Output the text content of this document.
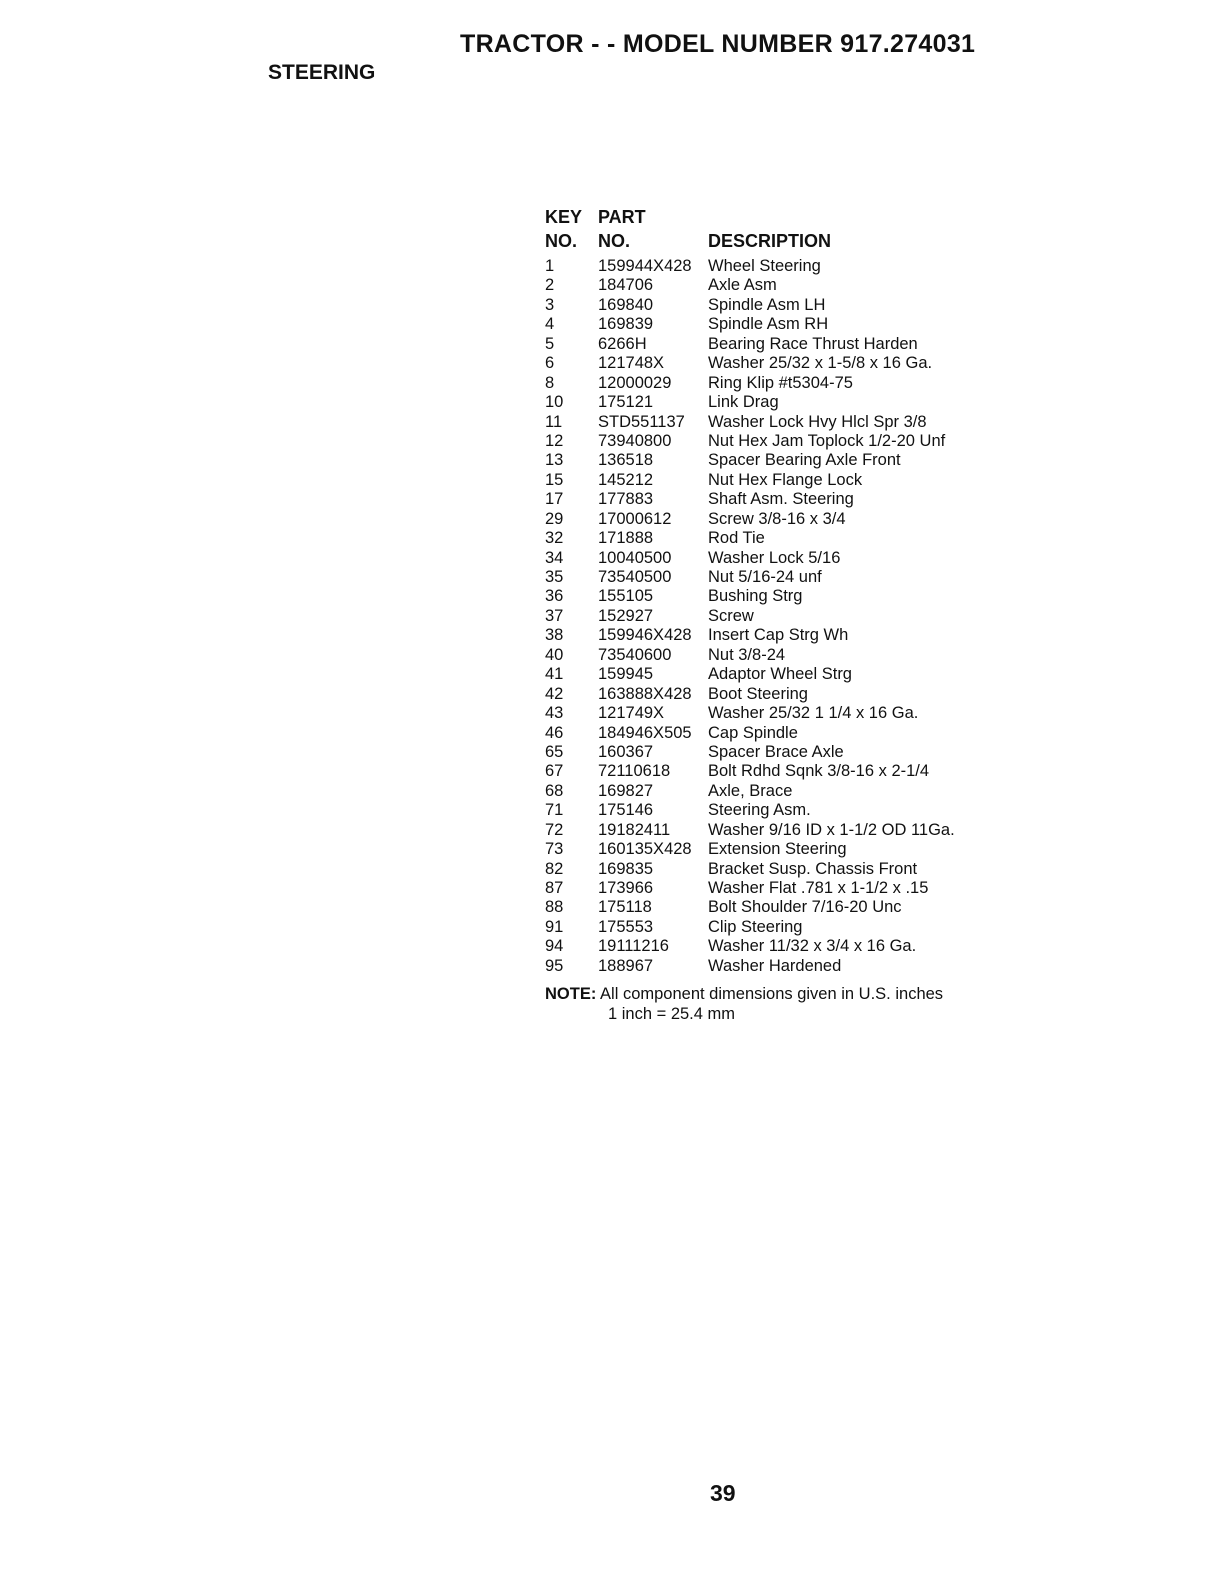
TRACTOR - - MODEL NUMBER 917.274031
STEERING
KEY
NO.
PART
NO.	DESCRIPTION
1	159944X428 Wheel Steering
2	184706	Axle Asm
3	169840	Spindle Asm LH
4	169839	Spindle Asm RH
5	6266H	Bearing Race Thrust Harden
6	121748X	Washer 25/32 x 1-5/8 x 16 Ga.
8	12000029 Ring Klip #t5304-75
10 175121	Link Drag
11 STD551137 Washer Lock Hvy Hlcl Spr 3/8
12 73940800 Nut Hex Jam Toplock 1/2-20 Unf
13 136518	Spacer Bearing Axle Front
15 145212	Nut Hex Flange Lock
17 177883	Shaft Asm. Steering
29 17000612 Screw 3/8-16 x 3/4
32 171888	Rod Tie
34 10040500 Washer Lock 5/16
35 73540500 Nut 5/16-24 unf
36 155105	Bushing Strg
37 152927	Screw
38 159946X428 Insert Cap Strg Wh
40 73540600 Nut 3/8-24
41 159945	Adaptor Wheel Strg
42 163888X428 Boot Steering
43 121749X	Washer 25/32 1 1/4 x 16 Ga.
46 184946X505 Cap Spindle
65 160367	Spacer Brace Axle
67 72110618 Bolt Rdhd Sqnk 3/8-16 x 2-1/4
68 169827	Axle, Brace
71 175146	Steering Asm.
72 19182411 Washer 9/16 ID x 1-1/2 OD 11Ga.
73 160135X428 Extension Steering
82 169835	Bracket Susp. Chassis Front
87 173966	Washer Flat .781 x 1-1/2 x .15
88 175118	Bolt Shoulder 7/16-20 Unc
91 175553	Clip Steering
94 19111216 Washer 11/32 x 3/4 x 16 Ga.
95 188967	Washer Hardened
NOTE: All component dimensions given in U.S. inches
1 inch = 25.4 mm
39
